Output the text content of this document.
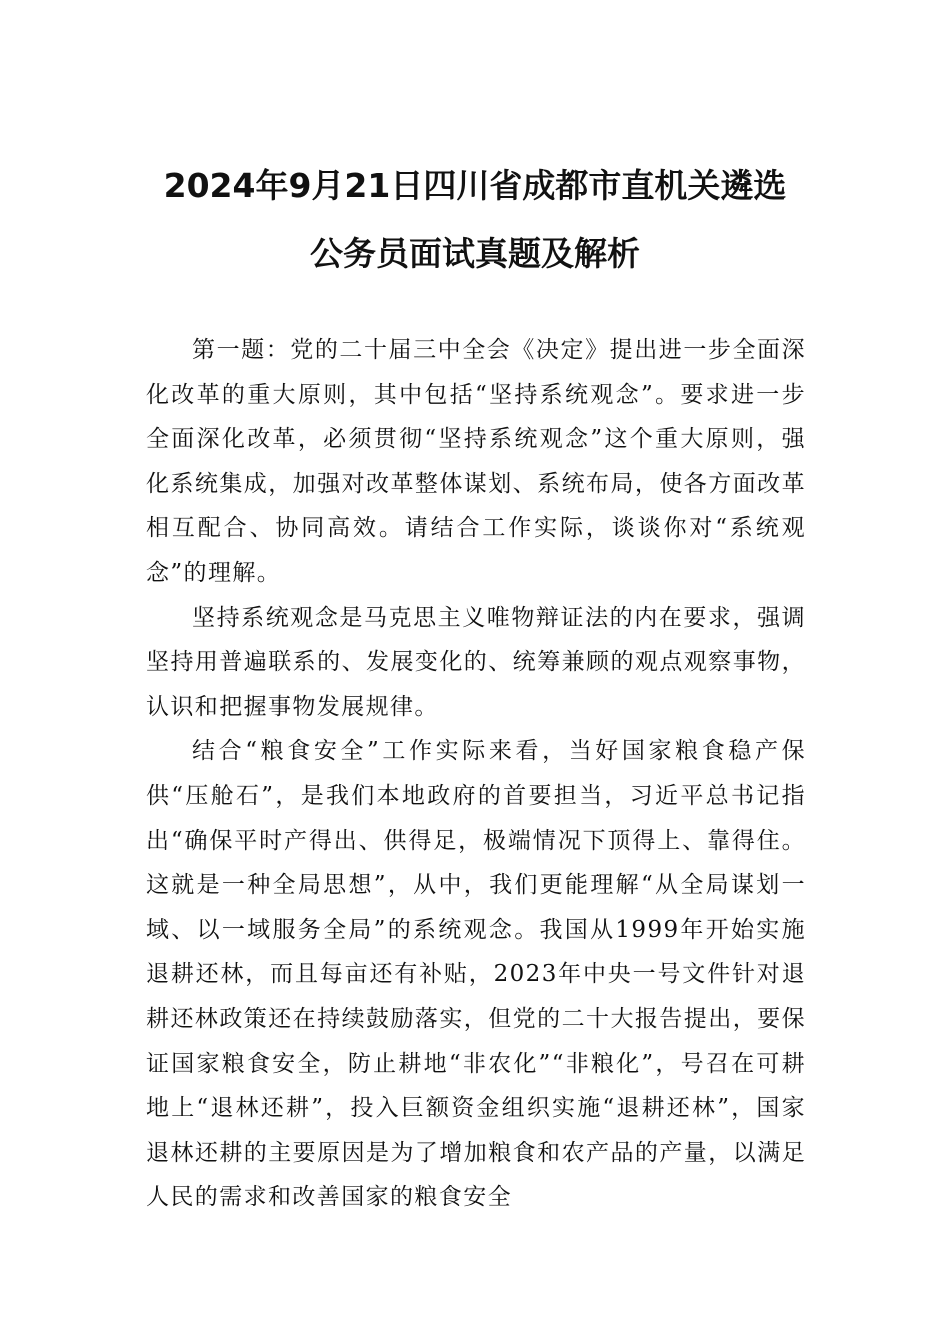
2024年9月21日四川省成都市直机关遴选
公务员面试真题及解析

第一题：党的二十届三中全会《决定》提出进一步全面深化改革的重大原则，其中包括“坚持系统观念”。要求进一步全面深化改革，必须贯彻“坚持系统观念”这个重大原则，强化系统集成，加强对改革整体谋划、系统布局，使各方面改革相互配合、协同高效。请结合工作实际，谈谈你对“系统观念”的理解。

坚持系统观念是马克思主义唯物辩证法的内在要求，强调坚持用普遍联系的、发展变化的、统筹兼顾的观点观察事物，认识和把握事物发展规律。

结合“粮食安全”工作实际来看，当好国家粮食稳产保供“压舱石”，是我们本地政府的首要担当，习近平总书记指出“确保平时产得出、供得足，极端情况下顶得上、靠得住。这就是一种全局思想”，从中，我们更能理解“从全局谋划一域、以一域服务全局”的系统观念。我国从1999年开始实施退耕还林，而且每亩还有补贴，2023年中央一号文件针对退耕还林政策还在持续鼓励落实，但党的二十大报告提出，要保证国家粮食安全，防止耕地“非农化”“非粮化”，号召在可耕地上“退林还耕”，投入巨额资金组织实施“退耕还林”，国家退林还耕的主要原因是为了增加粮食和农产品的产量，以满足人民的需求和改善国家的粮食安全
